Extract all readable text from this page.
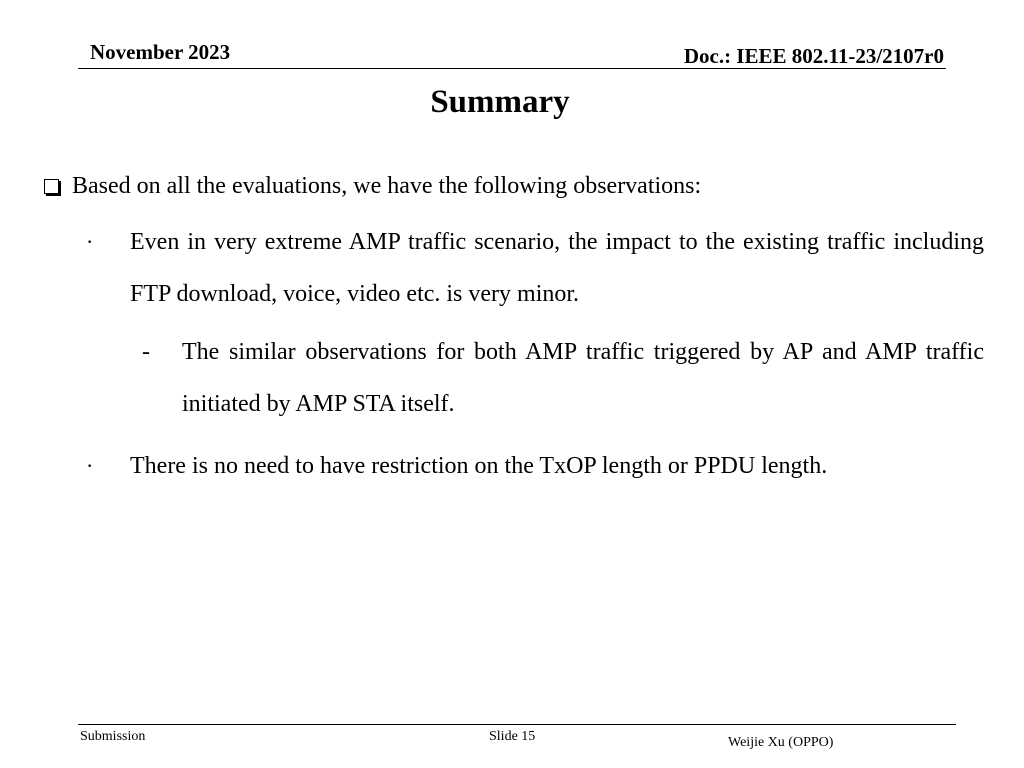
November 2023	Doc.: IEEE 802.11-23/2107r0
Summary
Based on all the evaluations, we have the following observations:
·	Even in very extreme AMP traffic scenario, the impact to the existing traffic including FTP download, voice, video etc. is very minor.
-	The similar observations for both AMP traffic triggered by AP and AMP traffic initiated by AMP STA itself.
·	There is no need to have restriction on the TxOP length or PPDU length.
Submission	Slide 15	Weijie Xu (OPPO)
